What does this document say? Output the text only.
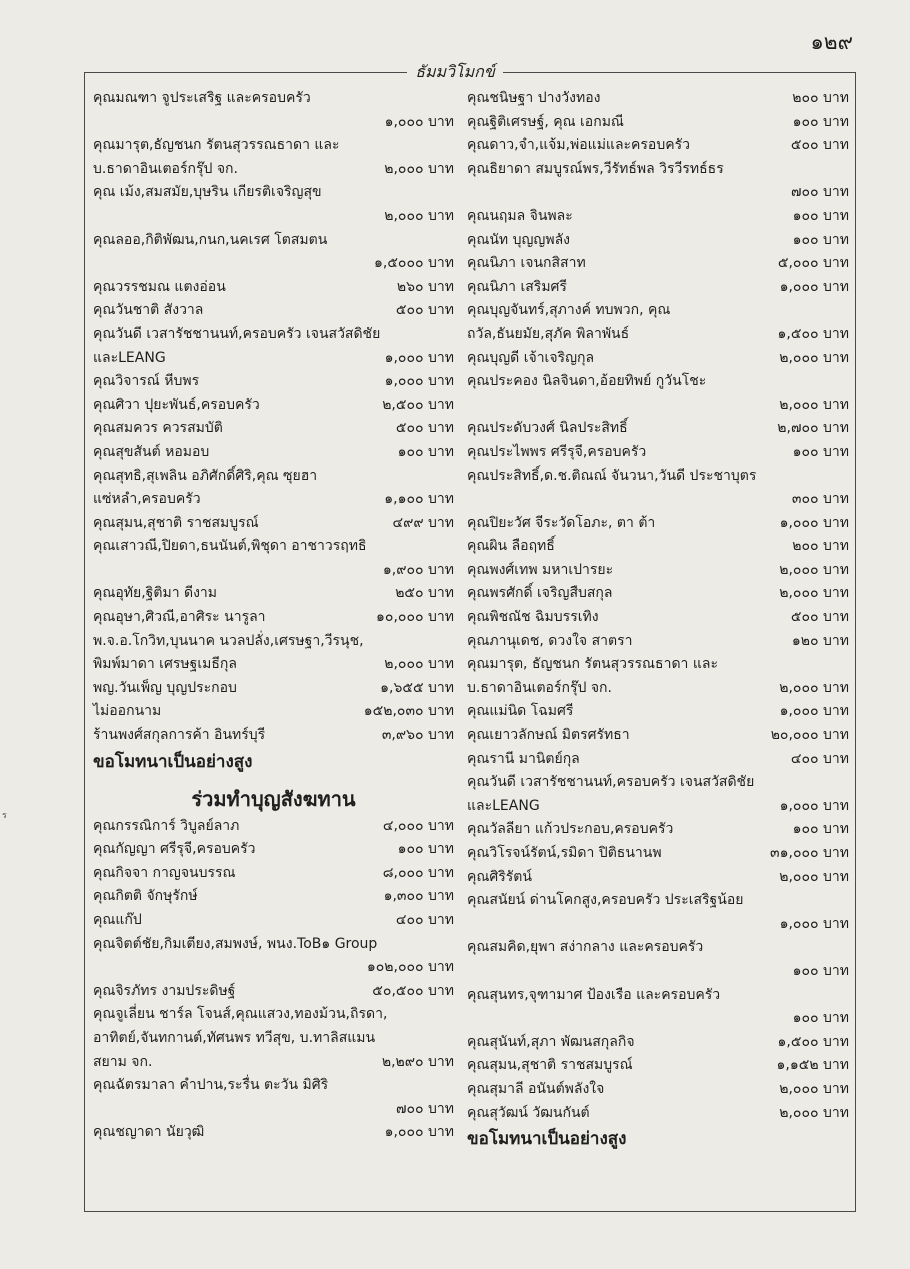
๑๒๙
ธัมมวิโมกข์
ร
คุณมณฑา จูประเสริฐ และครอบครัว
๑,๐๐๐ บาท
คุณมารุต,ธัญชนก รัตนสุวรรณธาดา และ
บ.ธาดาอินเตอร์กรุ๊ป จก.	๒,๐๐๐ บาท
คุณ เม้ง,สมสมัย,บุษริน เกียรติเจริญสุข
๒,๐๐๐ บาท
คุณลออ,กิติพัฒน,กนก,นคเรศ โตสมตน
๑,๕๐๐๐ บาท
คุณวรรชมณ แตงอ่อน	๒๖๐ บาท
คุณวันชาติ สังวาล	๕๐๐ บาท
คุณวันดี เวสารัชชานนท์,ครอบครัว เจนสวัสดิชัย
และLEANG	๑,๐๐๐ บาท
คุณวิจารณ์ หีบพร	๑,๐๐๐ บาท
คุณศิวา ปุยะพันธ์,ครอบครัว	๒,๕๐๐ บาท
คุณสมควร ควรสมบัติ	๕๐๐ บาท
คุณสุขสันต์ หอมอบ	๑๐๐ บาท
คุณสุทธิ,สุเพลิน อภิศักดิ์ศิริ,คุณ ซุยฮา
แซ่หลำ,ครอบครัว	๑,๑๐๐ บาท
คุณสุมน,สุชาติ ราชสมบูรณ์	๔๙๙ บาท
คุณเสาวณี,ปิยดา,ธนนันต์,พิชุดา อาชาวรฤทธิ
๑,๙๐๐ บาท
คุณอุทัย,ฐิติมา ดีงาม	๒๕๐ บาท
คุณอุษา,ศิวณี,อาศิระ นารูลา	๑๐,๐๐๐ บาท
พ.จ.อ.โกวิท,บุนนาค นวลปลั่ง,เศรษฐา,วีรนุช,
พิมพ์มาดา เศรษฐเมธีกุล	๒,๐๐๐ บาท
พญ.วันเพ็ญ บุญประกอบ	๑,๖๕๕ บาท
ไม่ออกนาม	๑๕๒,๐๓๐ บาท
ร้านพงศ์สกุลการค้า อินทร์บุรี	๓,๙๖๐ บาท
ขอโมทนาเป็นอย่างสูง
ร่วมทำบุญสังฆทาน
คุณกรรณิการ์ วิบูลย์ลาภ	๔,๐๐๐ บาท
คุณกัญญา ศรีรุจี,ครอบครัว	๑๐๐ บาท
คุณกิจจา กาญจนบรรณ	๘,๐๐๐ บาท
คุณกิตติ จักษุรักษ์	๑,๓๐๐ บาท
คุณแก๊ป	๔๐๐ บาท
คุณจิตต์ชัย,กิมเตียง,สมพงษ์, พนง.ToB๑ Group
๑๐๒,๐๐๐ บาท
คุณจิรภัทร งามประดิษฐ์	๕๐,๕๐๐ บาท
คุณจูเลี่ยน ชาร์ล โจนส์,คุณแสวง,ทองม้วน,ถิรดา,
อาทิตย์,จันทกานต์,ทัศนพร ทวีสุข, บ.ทาลิสแมน
สยาม จก.	๒,๒๙๐ บาท
คุณฉัตรมาลา คำปาน,ระรื่น ตะวัน มิศิริ
๗๐๐ บาท
คุณชญาดา นัยวุฒิ	๑,๐๐๐ บาท
คุณชนิษฐา ปางวังทอง	๒๐๐ บาท
คุณฐิติเศรษฐ์, คุณ เอกมณี	๑๐๐ บาท
คุณดาว,จำ,แจ้ม,พ่อแม่และครอบครัว	๕๐๐ บาท
คุณธิยาดา สมบูรณ์พร,วีรัทธ์พล วิรวีรทธ์ธร
๗๐๐ บาท
คุณนฤมล จินพละ	๑๐๐ บาท
คุณนัท บุญญพลัง	๑๐๐ บาท
คุณนิภา เจนกสิสาท	๕,๐๐๐ บาท
คุณนิภา เสริมศรี	๑,๐๐๐ บาท
คุณบุญจันทร์,สุภางค์ ทบพวก, คุณ
ถวัล,ธันยมัย,สุภัค พิลาพันธ์	๑,๕๐๐ บาท
คุณบุญดี เจ้าเจริญกุล	๒,๐๐๐ บาท
คุณประคอง นิลจินดา,อ้อยทิพย์ กูวันโชะ
๒,๐๐๐ บาท
คุณประดับวงศ์ นิลประสิทธิ์	๒,๗๐๐ บาท
คุณประไพพร ศรีรุจี,ครอบครัว	๑๐๐ บาท
คุณประสิทธิ์,ด.ช.ติณณ์ จันวนา,วันดี ประชาบุตร
๓๐๐ บาท
คุณปิยะวัศ จีระวัดโอภะ, ตา ต้า	๑,๐๐๐ บาท
คุณผิน ลือฤทธิ์	๒๐๐ บาท
คุณพงศ์เทพ มหาเปารยะ	๒,๐๐๐ บาท
คุณพรศักดิ์ เจริญสืบสกุล	๒,๐๐๐ บาท
คุณพิชณัช ฉิมบรรเทิง	๕๐๐ บาท
คุณภานุเดช, ดวงใจ สาตรา	๑๒๐ บาท
คุณมารุต, ธัญชนก รัตนสุวรรณธาดา และ
บ.ธาดาอินเตอร์กรุ๊ป จก.	๒,๐๐๐ บาท
คุณแม่นิด โฉมศรี	๑,๐๐๐ บาท
คุณเยาวลักษณ์ มิตรศรัทธา	๒๐,๐๐๐ บาท
คุณรานี มานิตย์กุล	๔๐๐ บาท
คุณวันดี เวสารัชชานนท์,ครอบครัว เจนสวัสดิชัย
และLEANG	๑,๐๐๐ บาท
คุณวัลลียา แก้วประกอบ,ครอบครัว	๑๐๐ บาท
คุณวิโรจน์รัตน์,รมิดา ปิติธนานพ	๓๑,๐๐๐ บาท
คุณศิริรัตน์	๒,๐๐๐ บาท
คุณสนัยน์ ด่านโคกสูง,ครอบครัว ประเสริฐน้อย
๑,๐๐๐ บาท
คุณสมคิด,ยุพา สง่ากลาง และครอบครัว
๑๐๐ บาท
คุณสุนทร,จุฑามาศ ป้องเรือ และครอบครัว
๑๐๐ บาท
คุณสุนันท์,สุภา พัฒนสกุลกิจ	๑,๕๐๐ บาท
คุณสุมน,สุชาติ ราชสมบูรณ์	๑,๑๕๒ บาท
คุณสุมาลี อนันต์พลังใจ	๒,๐๐๐ บาท
คุณสุวัฒน์ วัฒนกันต์	๒,๐๐๐ บาท
ขอโมทนาเป็นอย่างสูง
